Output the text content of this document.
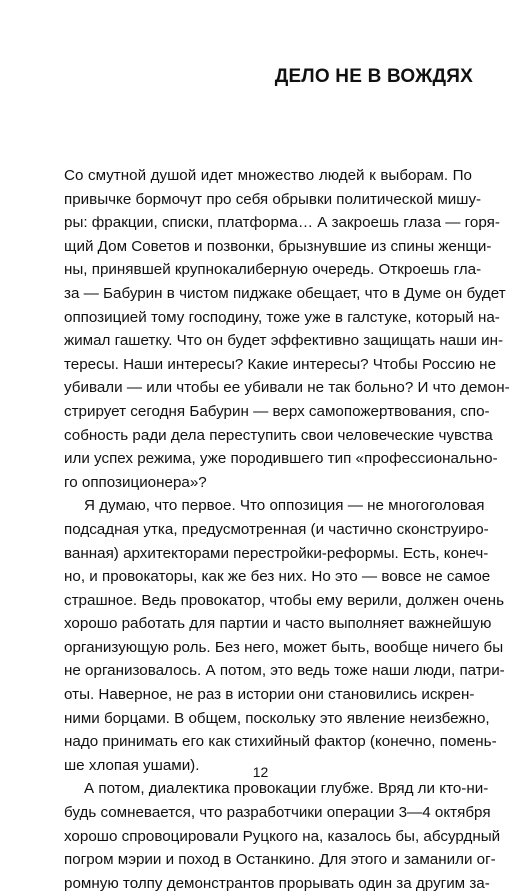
ДЕЛО НЕ В ВОЖДЯХ
Со смутной душой идет множество людей к выборам. По
привычке бормочут про себя обрывки политической мишу-
ры: фракции, списки, платформа… А закроешь глаза — горя-
щий Дом Советов и позвонки, брызнувшие из спины женщи-
ны, принявшей крупнокалиберную очередь. Откроешь гла-
за — Бабурин в чистом пиджаке обещает, что в Думе он будет
оппозицией тому господину, тоже уже в галстуке, который на-
жимал гашетку. Что он будет эффективно защищать наши ин-
тересы. Наши интересы? Какие интересы? Чтобы Россию не
убивали — или чтобы ее убивали не так больно? И что демон-
стрирует сегодня Бабурин — верх самопожертвования, спо-
собность ради дела переступить свои человеческие чувства
или успех режима, уже породившего тип «профессионально-
го оппозиционера»?
Я думаю, что первое. Что оппозиция — не многоголовая
подсадная утка, предусмотренная (и частично сконструиро-
ванная) архитекторами перестройки-реформы. Есть, конеч-
но, и провокаторы, как же без них. Но это — вовсе не самое
страшное. Ведь провокатор, чтобы ему верили, должен очень
хорошо работать для партии и часто выполняет важнейшую
организующую роль. Без него, может быть, вообще ничего бы
не организовалось. А потом, это ведь тоже наши люди, патри-
оты. Наверное, не раз в истории они становились искрен-
ними борцами. В общем, поскольку это явление неизбежно,
надо принимать его как стихийный фактор (конечно, помень-
ше хлопая ушами).
А потом, диалектика провокации глубже. Вряд ли кто-ни-
будь сомневается, что разработчики операции 3—4 октября
хорошо спровоцировали Руцкого на, казалось бы, абсурдный
погром мэрии и поход в Останкино. Для этого и заманили ог-
ромную толпу демонстрантов прорывать один за другим за-
12
